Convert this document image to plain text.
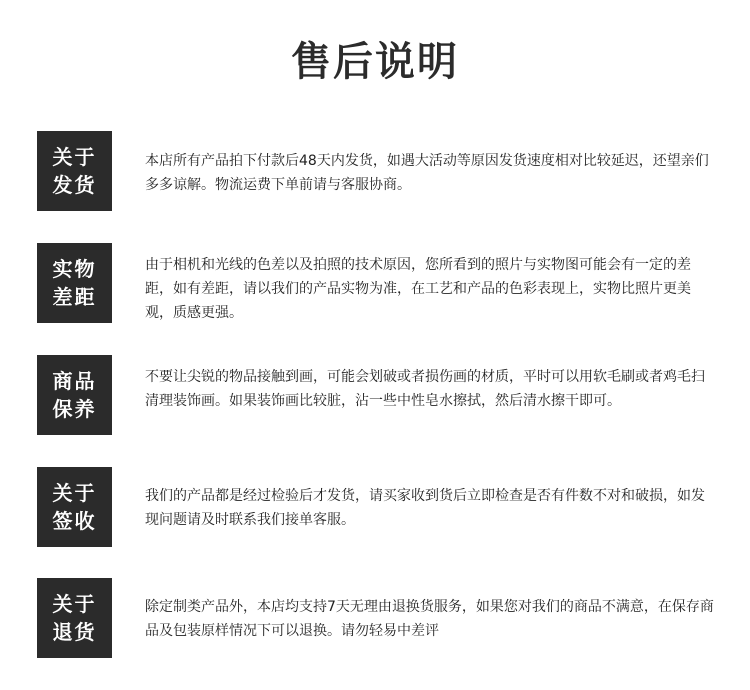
售后说明
关于
发货

本店所有产品拍下付款后48天内发货，如遇大活动等原因发货速度相对比较延迟，还望亲们多多谅解。物流运费下单前请与客服协商。

实物
差距

由于相机和光线的色差以及拍照的技术原因，您所看到的照片与实物图可能会有一定的差距，如有差距，请以我们的产品实物为准，在工艺和产品的色彩表现上，实物比照片更美观，质感更强。

商品
保养

不要让尖锐的物品接触到画，可能会划破或者损伤画的材质，平时可以用软毛刷或者鸡毛扫清理装饰画。如果装饰画比较脏，沾一些中性皂水擦拭，然后清水擦干即可。

关于
签收

我们的产品都是经过检验后才发货，请买家收到货后立即检查是否有件数不对和破损，如发现问题请及时联系我们接单客服。

关于
退货

除定制类产品外，本店均支持7天无理由退换货服务，如果您对我们的商品不满意，在保存商品及包装原样情况下可以退换。请勿轻易中差评
